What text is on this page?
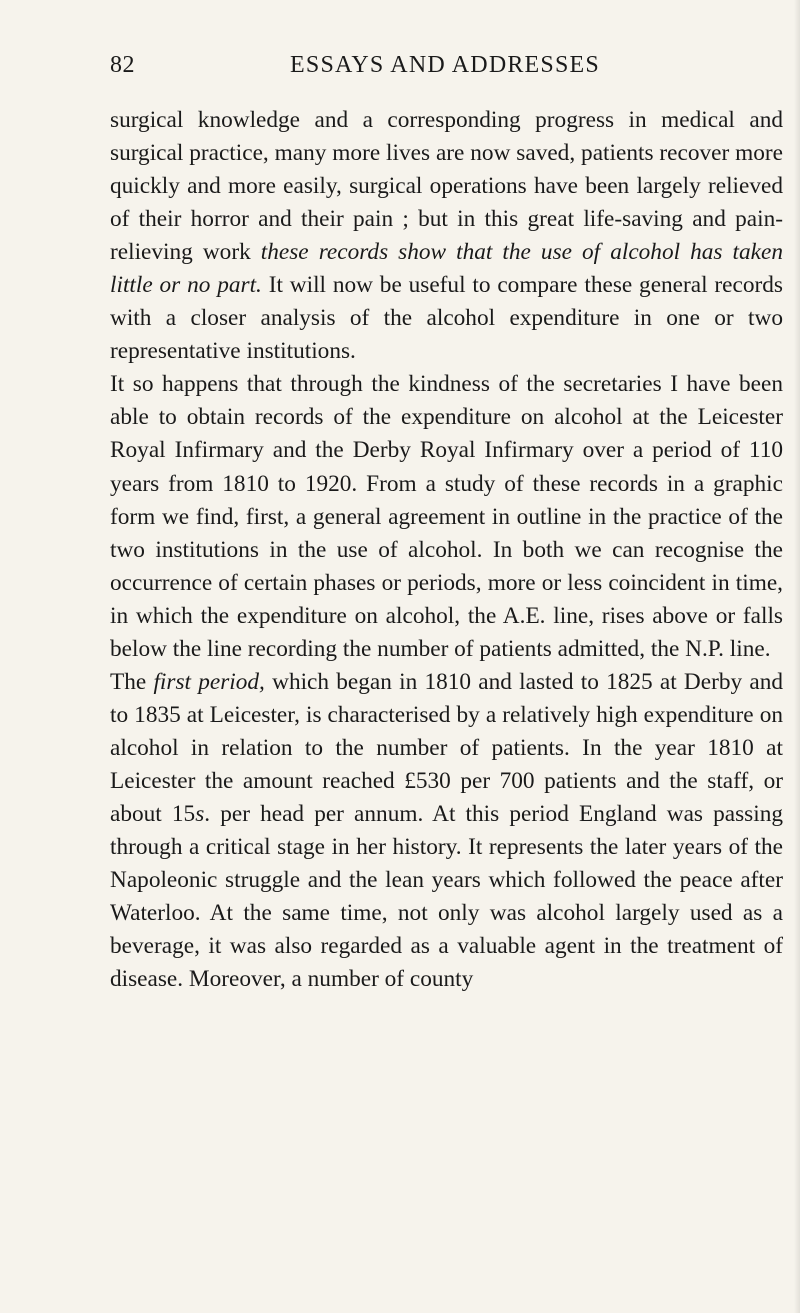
82	ESSAYS AND ADDRESSES

surgical knowledge and a corresponding progress in medical and surgical practice, many more lives are now saved, patients recover more quickly and more easily, surgical operations have been largely relieved of their horror and their pain ; but in this great life-saving and pain-relieving work these records show that the use of alcohol has taken little or no part. It will now be useful to compare these general records with a closer analysis of the alcohol expenditure in one or two representative institutions.

It so happens that through the kindness of the secretaries I have been able to obtain records of the expenditure on alcohol at the Leicester Royal Infirmary and the Derby Royal Infirmary over a period of 110 years from 1810 to 1920. From a study of these records in a graphic form we find, first, a general agreement in outline in the practice of the two institutions in the use of alcohol. In both we can recognise the occurrence of certain phases or periods, more or less coincident in time, in which the expenditure on alcohol, the A.E. line, rises above or falls below the line recording the number of patients admitted, the N.P. line.

The first period, which began in 1810 and lasted to 1825 at Derby and to 1835 at Leicester, is characterised by a relatively high expenditure on alcohol in relation to the number of patients. In the year 1810 at Leicester the amount reached £530 per 700 patients and the staff, or about 15s. per head per annum. At this period England was passing through a critical stage in her history. It represents the later years of the Napoleonic struggle and the lean years which followed the peace after Waterloo. At the same time, not only was alcohol largely used as a beverage, it was also regarded as a valuable agent in the treatment of disease. Moreover, a number of county
